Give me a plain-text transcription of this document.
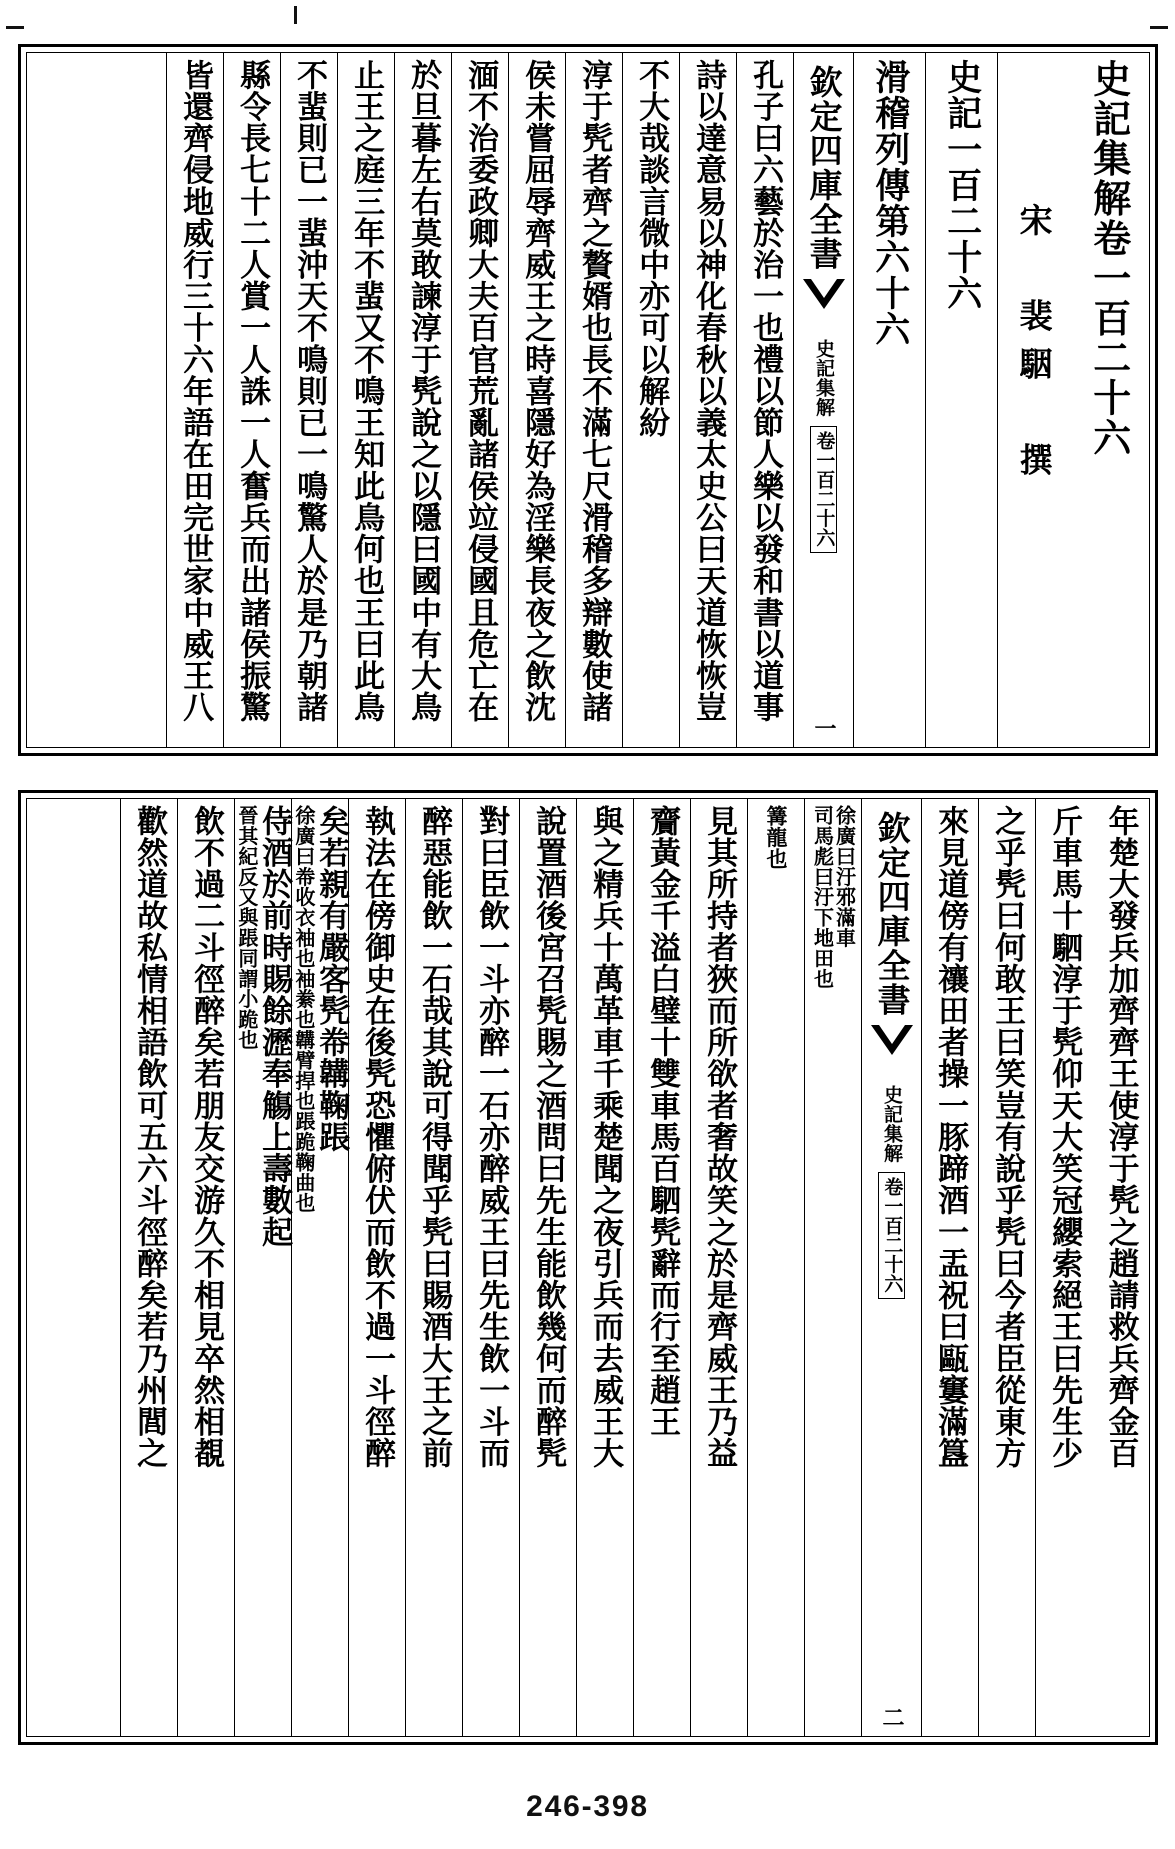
史記集解卷一百二十六
宋　裴駰　撰
史記一百二十六
滑稽列傳第六十六
欽定四庫全書
史記集解
卷一百二十六
一
孔子曰六藝於治一也禮以節人樂以發和書以道事
詩以達意易以神化春秋以義太史公曰天道恢恢豈
不大哉談言微中亦可以解紛
淳于髠者齊之贅婿也長不滿七尺滑稽多辯數使諸
侯未嘗屈辱齊威王之時喜隱好為淫樂長夜之飲沈
湎不治委政卿大夫百官荒亂諸侯竝侵國且危亡在
於旦暮左右莫敢諫淳于髠說之以隱曰國中有大鳥
止王之庭三年不蜚又不鳴王知此鳥何也王曰此鳥
不蜚則已一蜚沖天不鳴則已一鳴驚人於是乃朝諸
縣令長七十二人賞一人誅一人奮兵而出諸侯振驚
皆還齊侵地威行三十六年語在田完世家中威王八
年楚大發兵加齊齊王使淳于髠之趙請救兵齊金百
斤車馬十駟淳于髠仰天大笑冠纓索絕王曰先生少
之乎髠曰何敢王曰笑豈有說乎髠曰今者臣從東方
來見道傍有禳田者操一豚蹄酒一盂祝曰甌窶滿簋
欽定四庫全書
史記集解
卷一百二十六
二
徐廣曰汙邪滿車
司馬彪曰汙下地田也
篝龍也
見其所持者狹而所欲者奢故笑之於是齊威王乃益
齎黃金千溢白璧十雙車馬百駟髠辭而行至趙王
與之精兵十萬革車千乘楚聞之夜引兵而去威王大
說置酒後宮召髠賜之酒問曰先生能飲幾何而醉髠
對曰臣飲一斗亦醉一石亦醉威王曰先生飲一斗而
醉惡能飲一石哉其說可得聞乎髠曰賜酒大王之前
執法在傍御史在後髠恐懼俯伏而飲不過一斗徑醉
矣若親有嚴客髠帣韝鞠䠆
徐廣曰帣收衣袖也袖絭也韝臂捍也䠆跪鞠曲也
侍酒於前時賜餘瀝奉觴上壽數起
晉其紀反又與䠆同謂小跪也
飲不過二斗徑醉矣若朋友交游久不相見卒然相覩
歡然道故私情相語飲可五六斗徑醉矣若乃州閭之
246-398
